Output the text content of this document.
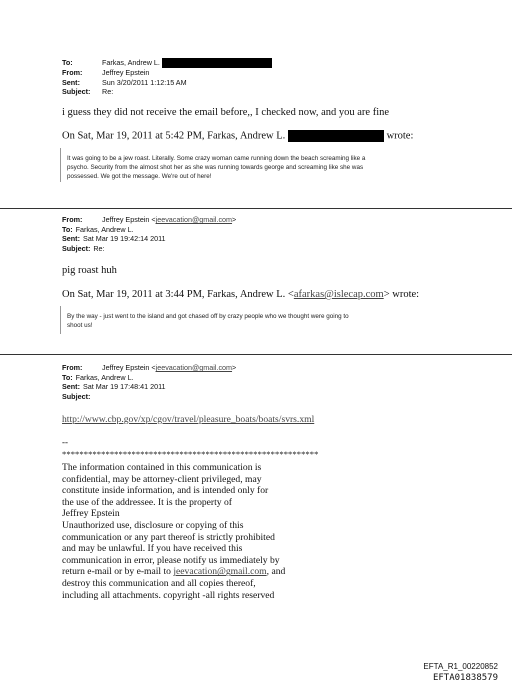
To:	Farkas, Andrew L.
From:	Jeffrey Epstein
Sent:	Sun 3/20/2011 1:12:15 AM
Subject:	Re:
i guess they did not receive the email before,, I checked now, and you are fine
On Sat, Mar 19, 2011 at 5:42 PM, Farkas, Andrew L.	wrote:
It was going to be a jew roast. Literally. Some crazy woman came running down the beach screaming like a
psycho. Security from the almost shot her as she was running towards george and screaming like she was
possessed. We got the message. We're out of here!
From:	Jeffrey Epstein < jeevacation@gmail.com >
To: Farkas, Andrew L.
Sent: Sat Mar 19 19:42:14 2011
Subject: Re:
pig roast huh
On Sat, Mar 19, 2011 at 3:44 PM, Farkas, Andrew L. <afarkas@islecap.com> wrote:
By the way - just went to the island and got chased off by crazy people who we thought were going to
shoot us!
From:	Jeffrey Epstein < jeevacation@gmail.com >
To: Farkas, Andrew L.
Sent: Sat Mar 19 17:48:41 2011
Subject:
http://www.cbp.gov/xp/cgov/travel/pleasure_boats/boats/svrs.xml
--
***********************************************************
The information contained in this communication is
confidential, may be attorney-client privileged, may
constitute inside information, and is intended only for
the use of the addressee. It is the property of
Jeffrey Epstein
Unauthorized use, disclosure or copying of this
communication or any part thereof is strictly prohibited
and may be unlawful. If you have received this
communication in error, please notify us immediately by
return e-mail or by e-mail to jeevacation@gmail.com, and
destroy this communication and all copies thereof,
including all attachments. copyright -all rights reserved
EFTA_R1_00220852
EFTA01838579
